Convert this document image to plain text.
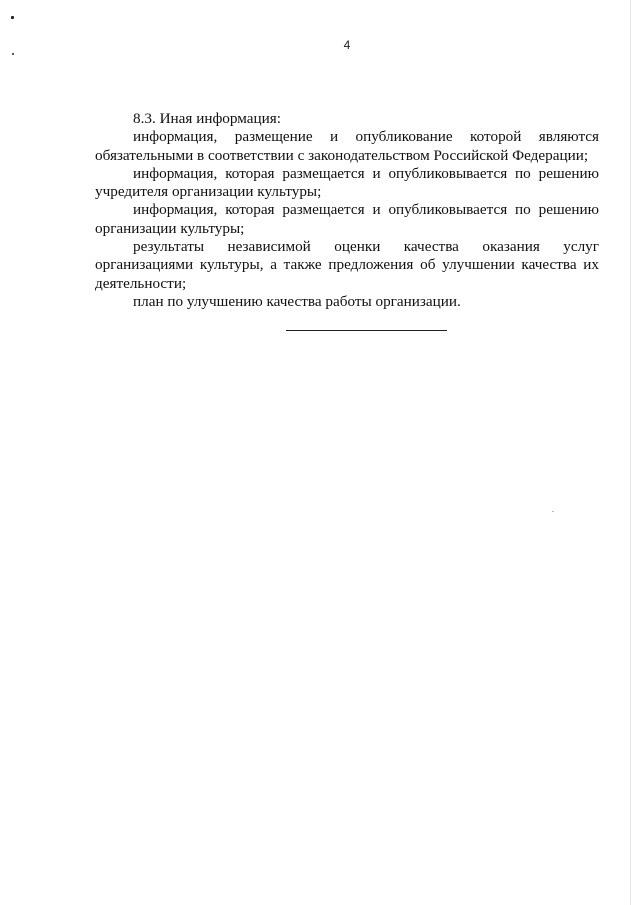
4

8.3. Иная информация:

информация, размещение и опубликование которой являются обязательными в соответствии с законодательством Российской Федерации;

информация, которая размещается и опубликовывается по решению учредителя организации культуры;

информация, которая размещается и опубликовывается по решению организации культуры;

результаты независимой оценки качества оказания услуг организациями культуры, а также предложения об улучшении качества их деятельности;

план по улучшению качества работы организации.
